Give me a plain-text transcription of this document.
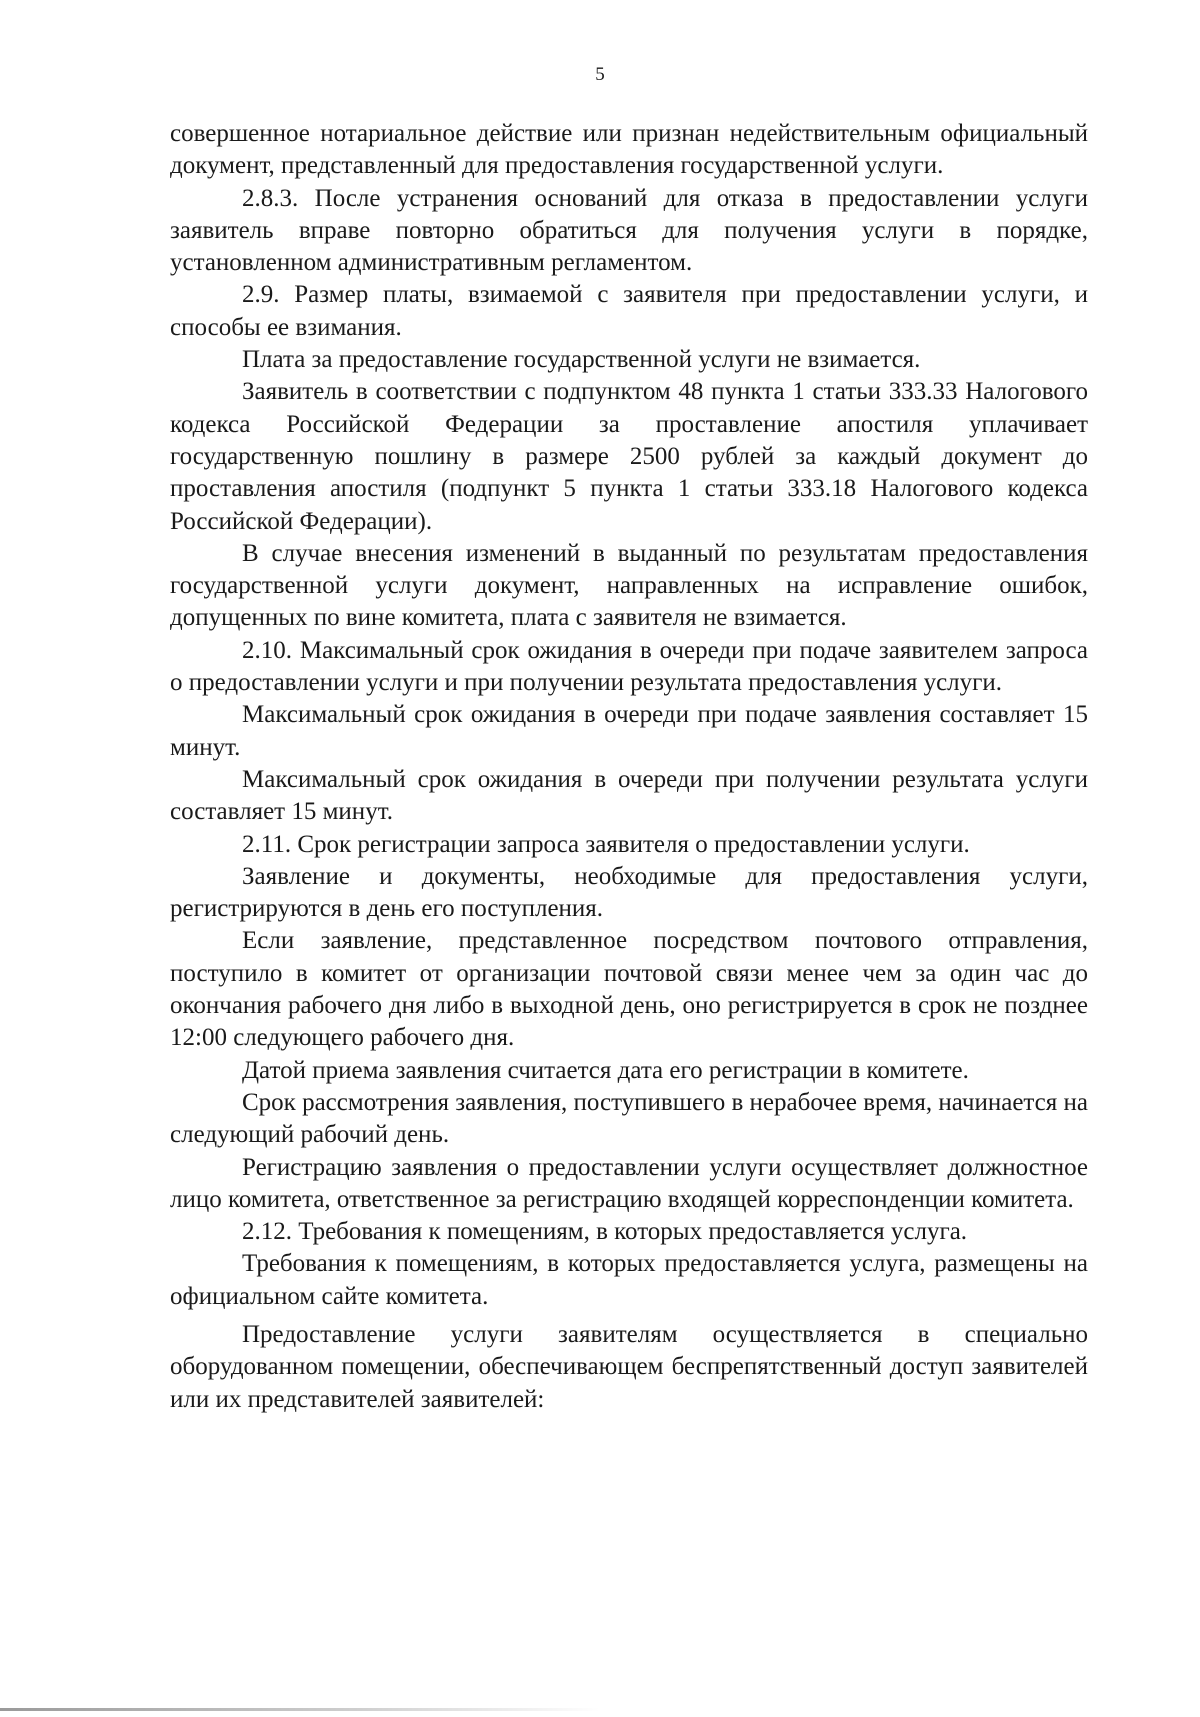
5

совершенное нотариальное действие или признан недействительным официальный документ, представленный для предоставления государственной услуги.

2.8.3. После устранения оснований для отказа в предоставлении услуги заявитель вправе повторно обратиться для получения услуги в порядке, установленном административным регламентом.

2.9. Размер платы, взимаемой с заявителя при предоставлении услуги, и способы ее взимания.

Плата за предоставление государственной услуги не взимается.

Заявитель в соответствии с подпунктом 48 пункта 1 статьи 333.33 Налогового кодекса Российской Федерации за проставление апостиля уплачивает государственную пошлину в размере 2500 рублей за каждый документ до проставления апостиля (подпункт 5 пункта 1 статьи 333.18 Налогового кодекса Российской Федерации).

В случае внесения изменений в выданный по результатам предоставления государственной услуги документ, направленных на исправление ошибок, допущенных по вине комитета, плата с заявителя не взимается.

2.10. Максимальный срок ожидания в очереди при подаче заявителем запроса о предоставлении услуги и при получении результата предоставления услуги.

Максимальный срок ожидания в очереди при подаче заявления составляет 15 минут.

Максимальный срок ожидания в очереди при получении результата услуги составляет 15 минут.

2.11. Срок регистрации запроса заявителя о предоставлении услуги.

Заявление и документы, необходимые для предоставления услуги, регистрируются в день его поступления.

Если заявление, представленное посредством почтового отправления, поступило в комитет от организации почтовой связи менее чем за один час до окончания рабочего дня либо в выходной день, оно регистрируется в срок не позднее 12:00 следующего рабочего дня.

Датой приема заявления считается дата его регистрации в комитете.

Срок рассмотрения заявления, поступившего в нерабочее время, начинается на следующий рабочий день.

Регистрацию заявления о предоставлении услуги осуществляет должностное лицо комитета, ответственное за регистрацию входящей корреспонденции комитета.

2.12. Требования к помещениям, в которых предоставляется услуга.

Требования к помещениям, в которых предоставляется услуга, размещены на официальном сайте комитета.

Предоставление услуги заявителям осуществляется в специально оборудованном помещении, обеспечивающем беспрепятственный доступ заявителей или их представителей заявителей:
